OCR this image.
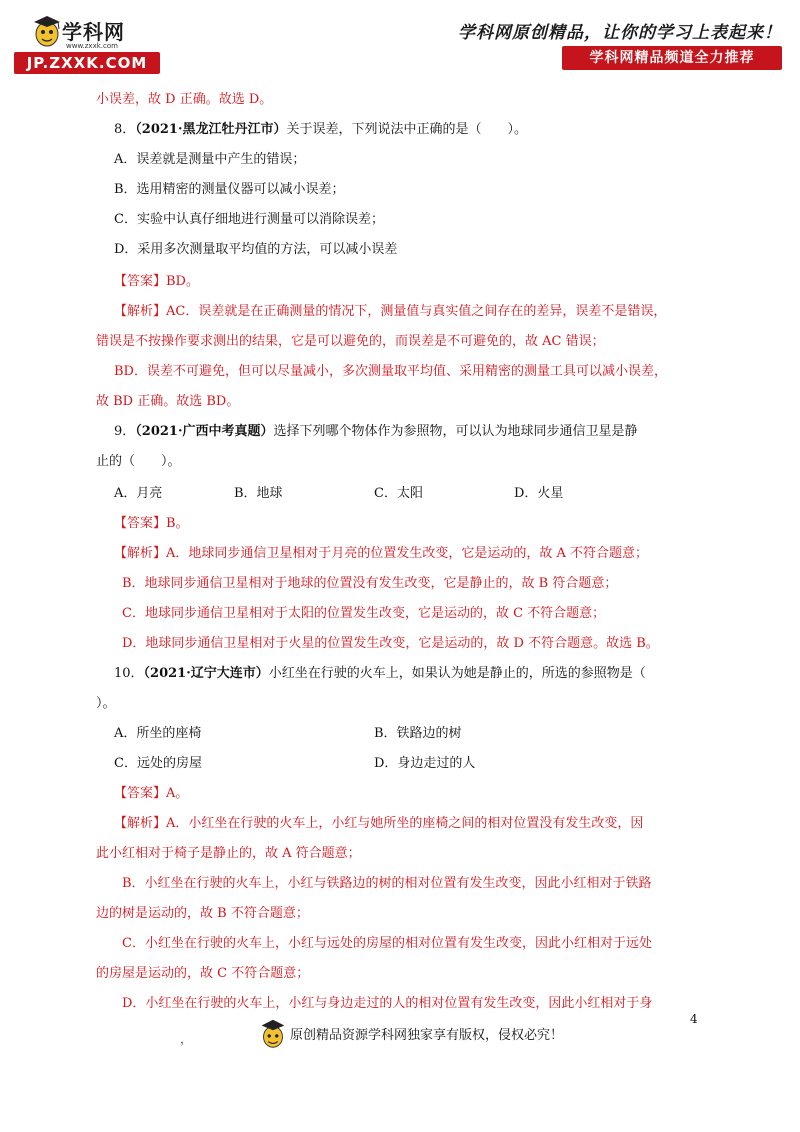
学科网
www.zxxk.com
JP.ZXXK.COM
学科网原创精品，让你的学习上表起来！
学科网精品频道全力推荐
小误差，故 D 正确。故选 D。
8．（2021·黑龙江牡丹江市）关于误差，下列说法中正确的是（　　）。
A．误差就是测量中产生的错误；
B．选用精密的测量仪器可以减小误差；
C．实验中认真仔细地进行测量可以消除误差；
D．采用多次测量取平均值的方法，可以减小误差
【答案】BD。
【解析】AC．误差就是在正确测量的情况下，测量值与真实值之间存在的差异，误差不是错误，
错误是不按操作要求测出的结果，它是可以避免的，而误差是不可避免的，故 AC 错误；
BD．误差不可避免，但可以尽量减小，多次测量取平均值、采用精密的测量工具可以减小误差，
故 BD 正确。故选 BD。
9．（2021·广西中考真题）选择下列哪个物体作为参照物，可以认为地球同步通信卫星是静
止的（　　）。
A．月亮	B．地球	C．太阳	D．火星
【答案】B。
【解析】A．地球同步通信卫星相对于月亮的位置发生改变，它是运动的，故 A 不符合题意；
B．地球同步通信卫星相对于地球的位置没有发生改变，它是静止的，故 B 符合题意；
C．地球同步通信卫星相对于太阳的位置发生改变，它是运动的，故 C 不符合题意；
D．地球同步通信卫星相对于火星的位置发生改变，它是运动的，故 D 不符合题意。故选 B。
10．（2021·辽宁大连市）小红坐在行驶的火车上，如果认为她是静止的，所选的参照物是（
）。
A．所坐的座椅	B．铁路边的树
C．远处的房屋	D．身边走过的人
【答案】A。
【解析】A．小红坐在行驶的火车上，小红与她所坐的座椅之间的相对位置没有发生改变，因
此小红相对于椅子是静止的，故 A 符合题意；
B．小红坐在行驶的火车上，小红与铁路边的树的相对位置有发生改变，因此小红相对于铁路
边的树是运动的，故 B 不符合题意；
C．小红坐在行驶的火车上，小红与远处的房屋的相对位置有发生改变，因此小红相对于远处
的房屋是运动的，故 C 不符合题意；
D．小红坐在行驶的火车上，小红与身边走过的人的相对位置有发生改变，因此小红相对于身
4
，	原创精品资源学科网独家享有版权，侵权必究！
